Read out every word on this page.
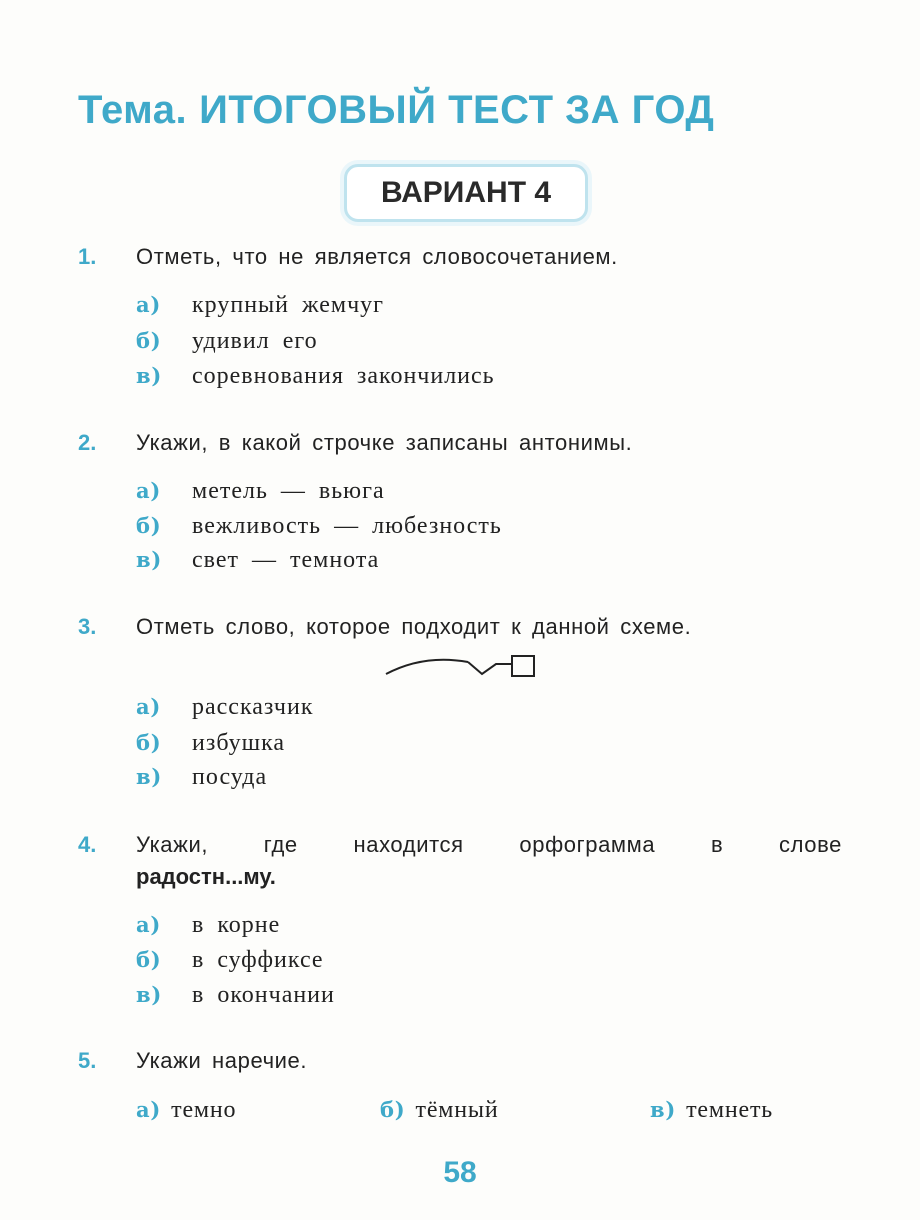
Тема. ИТОГОВЫЙ ТЕСТ ЗА ГОД
ВАРИАНТ 4
1. Отметь, что не является словосочетанием.
а) крупный жемчуг
б) удивил его
в) соревнования закончились
2. Укажи, в какой строчке записаны антонимы.
а) метель — вьюга
б) вежливость — любезность
в) свет — темнота
3. Отметь слово, которое подходит к данной схеме.
а) рассказчик
б) избушка
в) посуда
4. Укажи, где находится орфограмма в слове
радостн...му.
а) в корне
б) в суффиксе
в) в окончании
5. Укажи наречие.
а) темно	б) тёмный	в) темнеть
58
